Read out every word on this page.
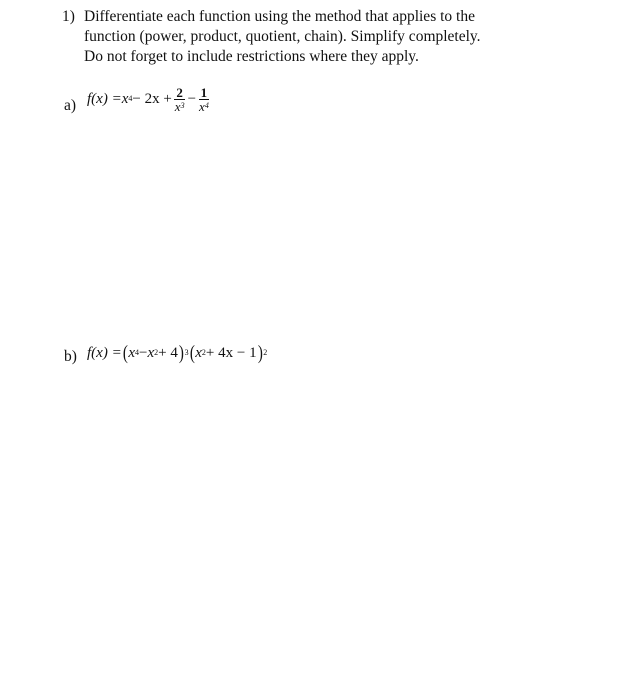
1) Differentiate each function using the method that applies to the
function (power, product, quotient, chain). Simplify completely.
Do not forget to include restrictions where they apply.
a) $f(x) = x^4 - 2x + \frac{2}{x^3} - \frac{1}{x^4}$
b) f(x) = ( $x^4 - x^2 + 4$ )$^3$ ( $x^2 + 4x - 1$ )$^2$
